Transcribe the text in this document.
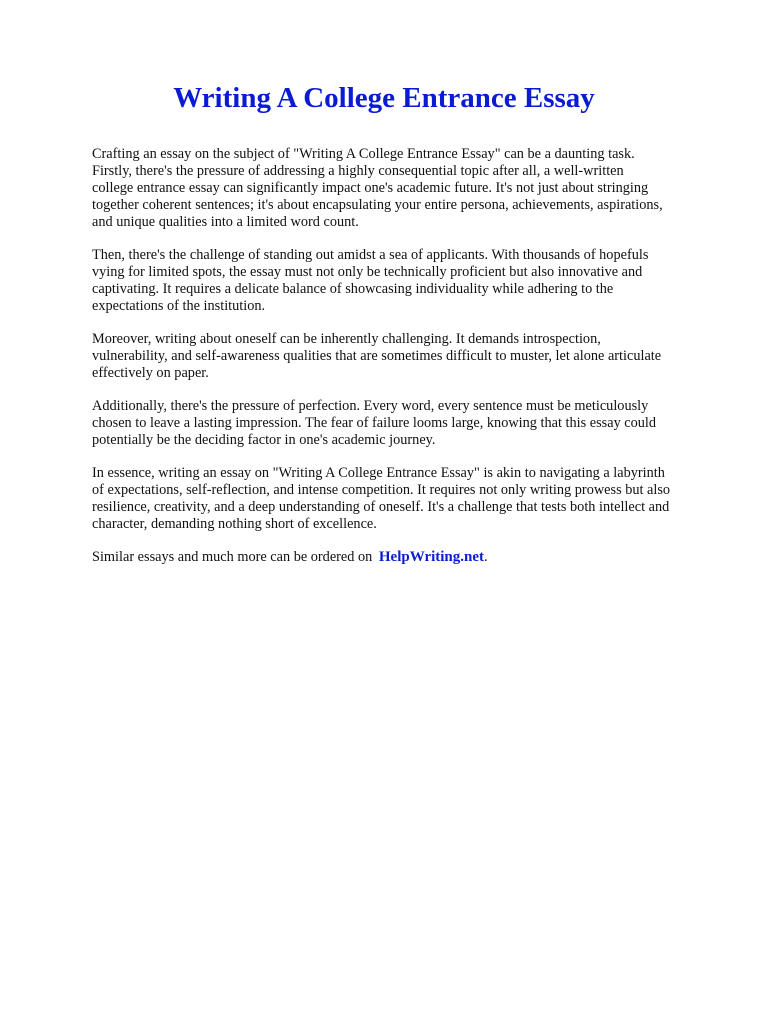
Writing A College Entrance Essay

Crafting an essay on the subject of "Writing A College Entrance Essay" can be a daunting task.
Firstly, there's the pressure of addressing a highly consequential topic after all, a well-written
college entrance essay can significantly impact one's academic future. It's not just about stringing
together coherent sentences; it's about encapsulating your entire persona, achievements, aspirations,
and unique qualities into a limited word count.

Then, there's the challenge of standing out amidst a sea of applicants. With thousands of hopefuls
vying for limited spots, the essay must not only be technically proficient but also innovative and
captivating. It requires a delicate balance of showcasing individuality while adhering to the
expectations of the institution.

Moreover, writing about oneself can be inherently challenging. It demands introspection,
vulnerability, and self-awareness qualities that are sometimes difficult to muster, let alone articulate
effectively on paper.

Additionally, there's the pressure of perfection. Every word, every sentence must be meticulously
chosen to leave a lasting impression. The fear of failure looms large, knowing that this essay could
potentially be the deciding factor in one's academic journey.

In essence, writing an essay on "Writing A College Entrance Essay" is akin to navigating a labyrinth
of expectations, self-reflection, and intense competition. It requires not only writing prowess but also
resilience, creativity, and a deep understanding of oneself. It's a challenge that tests both intellect and
character, demanding nothing short of excellence.

Similar essays and much more can be ordered on HelpWriting.net.
